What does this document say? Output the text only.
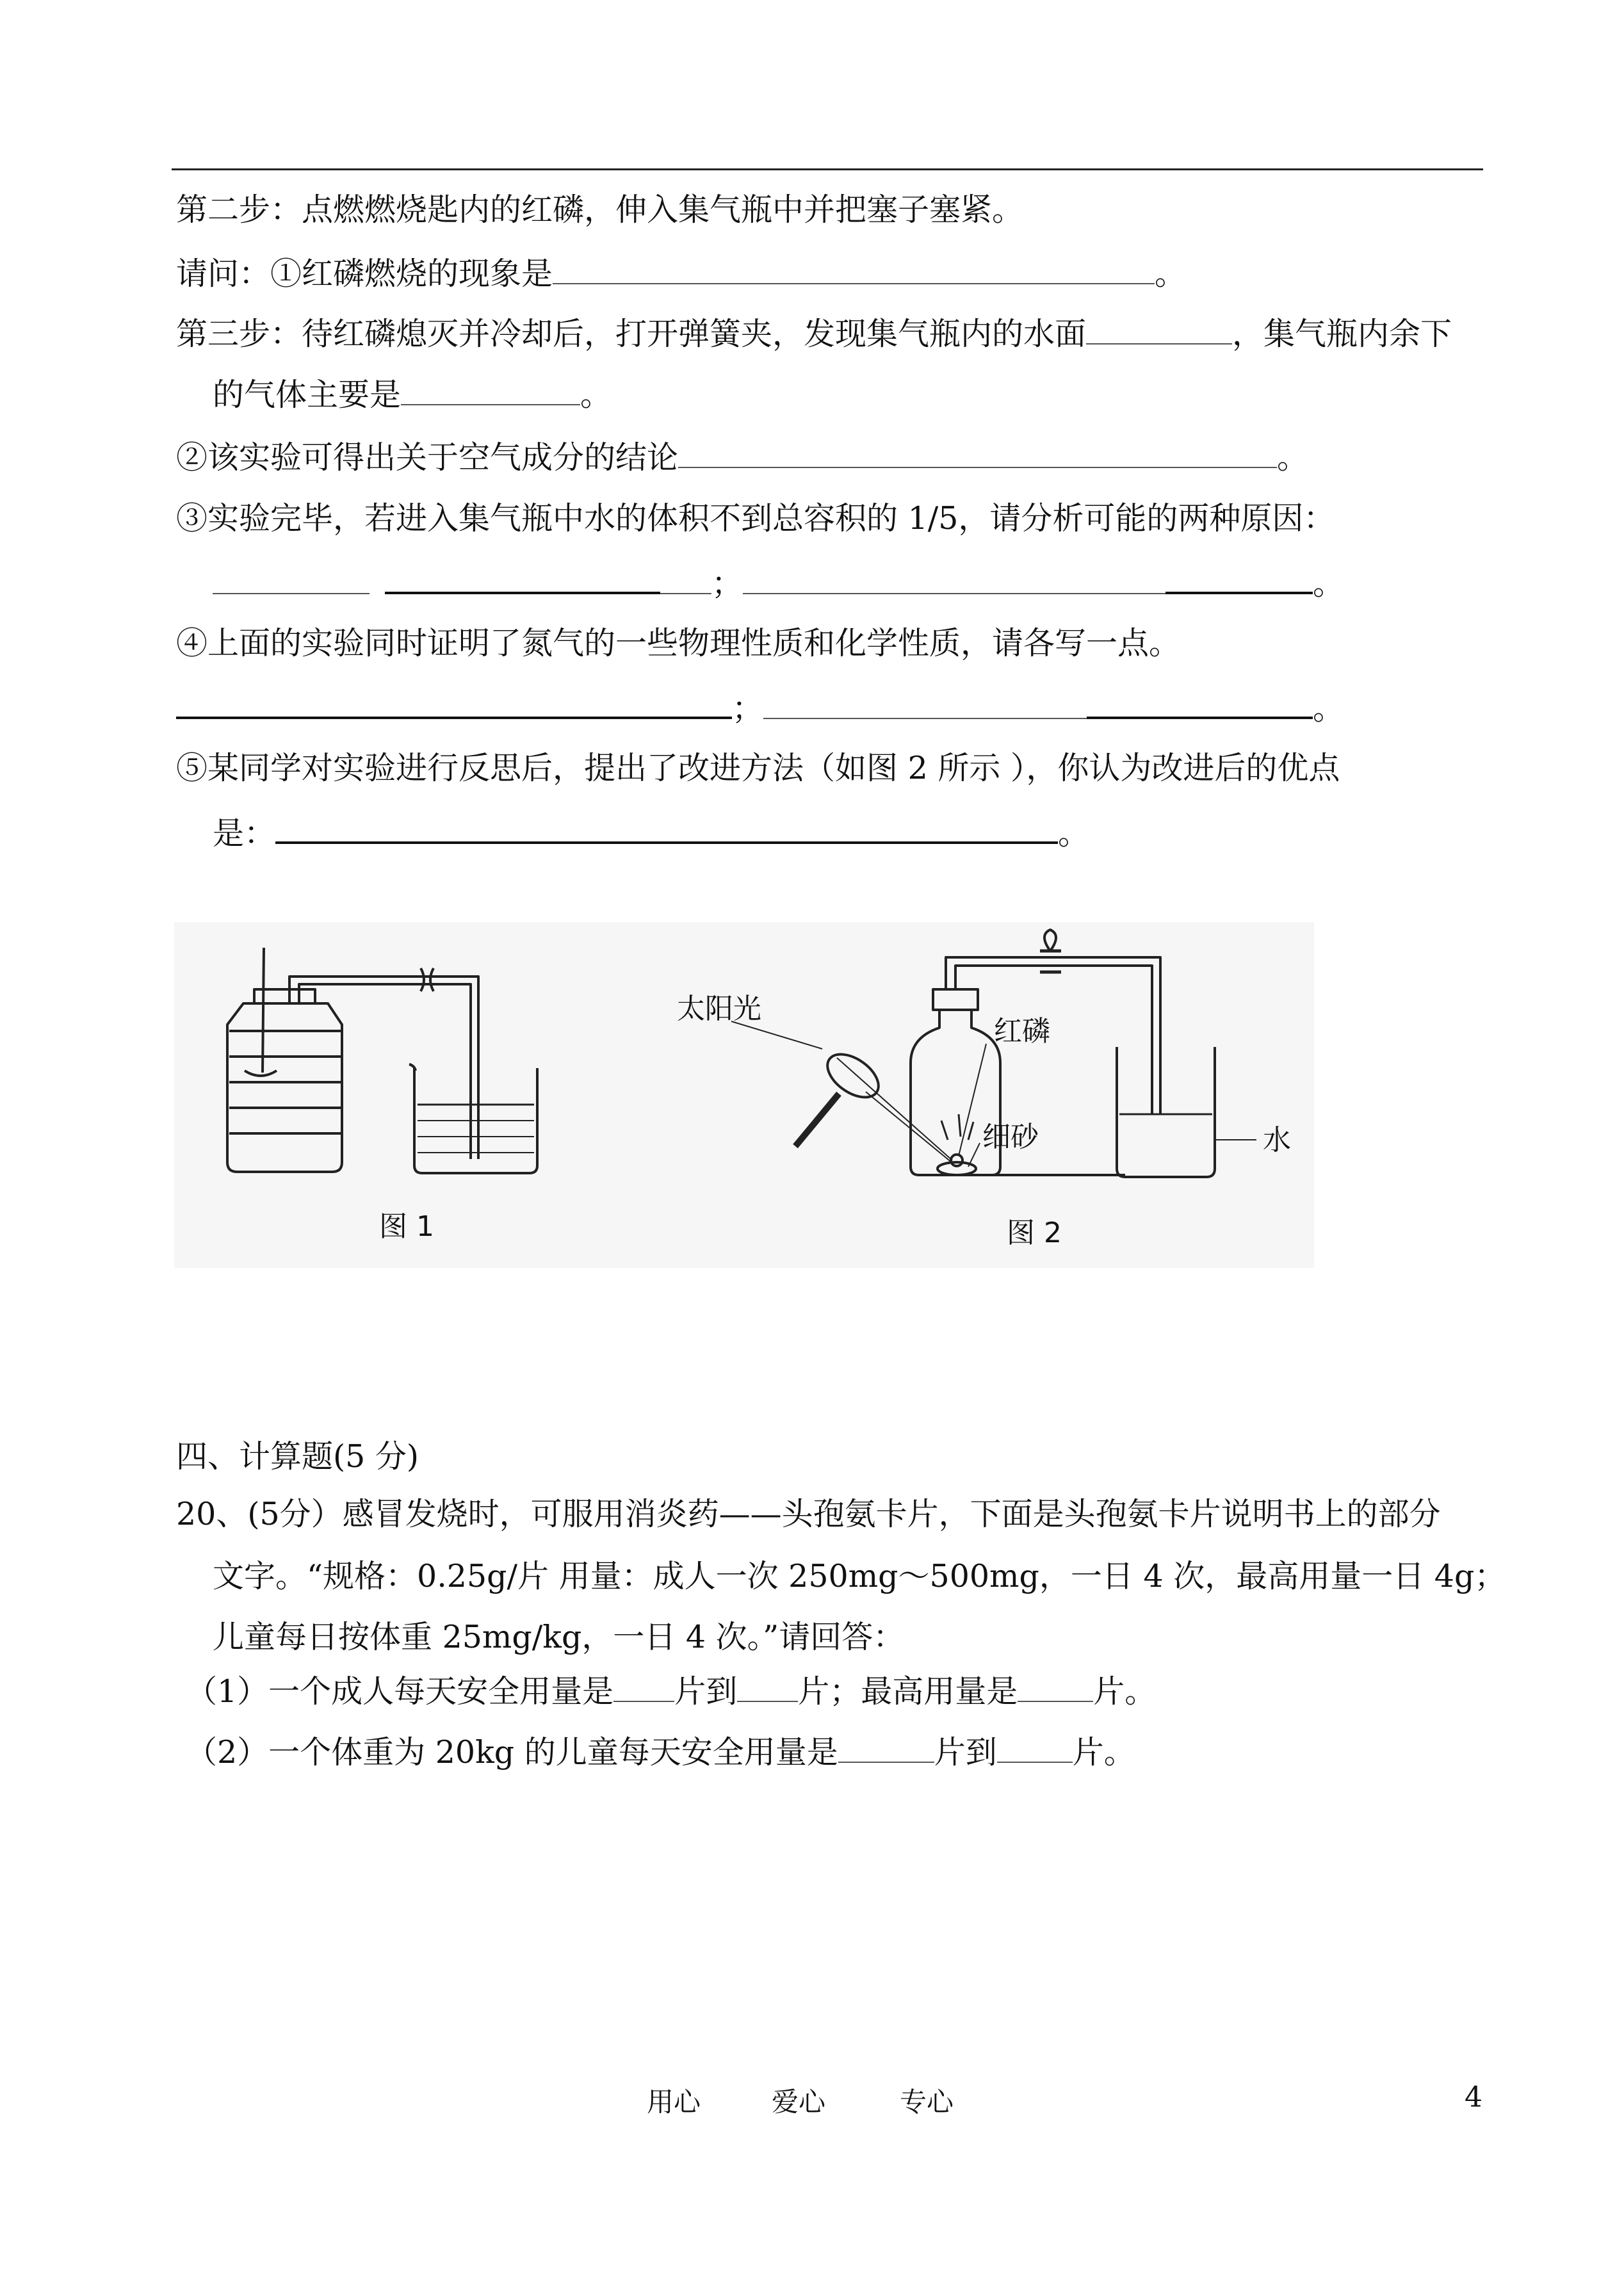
第二步：点燃燃烧匙内的红磷，伸入集气瓶中并把塞子塞紧。
请问：①红磷燃烧的现象是	。
第三步：待红磷熄灭并冷却后，打开弹簧夹，发现集气瓶内的水面	，集气瓶内余下
的气体主要是	。
②该实验可得出关于空气成分的结论	。
③实验完毕，若进入集气瓶中水的体积不到总容积的 1/5，请分析可能的两种原因：
；	。
④上面的实验同时证明了氮气的一些物理性质和化学性质，请各写一点。
；	。
⑤某同学对实验进行反思后，提出了改进方法（如图 2 所示 ），你认为改进后的优点
是：	。
图 1	图 2
太阳光
红磷
细砂	水
四、计算题(5 分)
20、(5分）感冒发烧时，可服用消炎药——头孢氨卡片，下面是头孢氨卡片说明书上的部分
文字。“规格：0.25g/片 用量：成人一次 250mg～500mg，一日 4 次，最高用量一日 4g；
儿童每日按体重 25mg/kg，一日 4 次。”请回答：
（1）一个成人每天安全用量是 片到 片；最高用量是 片。
（2）一个体重为 20kg 的儿童每天安全用量是	片到 片。
用心	爱心	专心	4
